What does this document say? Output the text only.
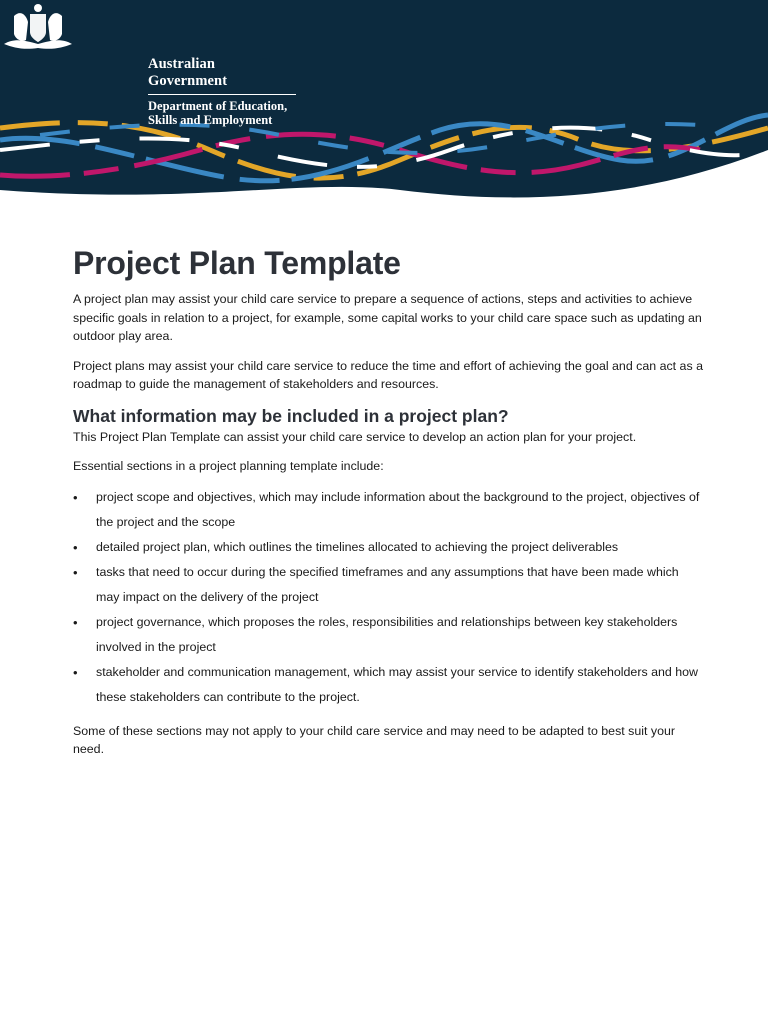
Australian Government
Department of Education,
Skills and Employment
Project Plan Template

A project plan may assist your child care service to prepare a sequence of actions, steps and activities to achieve specific goals in relation to a project, for example, some capital works to your child care space such as updating an outdoor play area.

Project plans may assist your child care service to reduce the time and effort of achieving the goal and can act as a roadmap to guide the management of stakeholders and resources.

What information may be included in a project plan?

This Project Plan Template can assist your child care service to develop an action plan for your project.

Essential sections in a project planning template include:

• project scope and objectives, which may include information about the background to the project, objectives of the project and the scope
• detailed project plan, which outlines the timelines allocated to achieving the project deliverables
• tasks that need to occur during the specified timeframes and any assumptions that have been made which may impact on the delivery of the project
• project governance, which proposes the roles, responsibilities and relationships between key stakeholders involved in the project
• stakeholder and communication management, which may assist your service to identify stakeholders and how these stakeholders can contribute to the project.

Some of these sections may not apply to your child care service and may need to be adapted to best suit your need.
